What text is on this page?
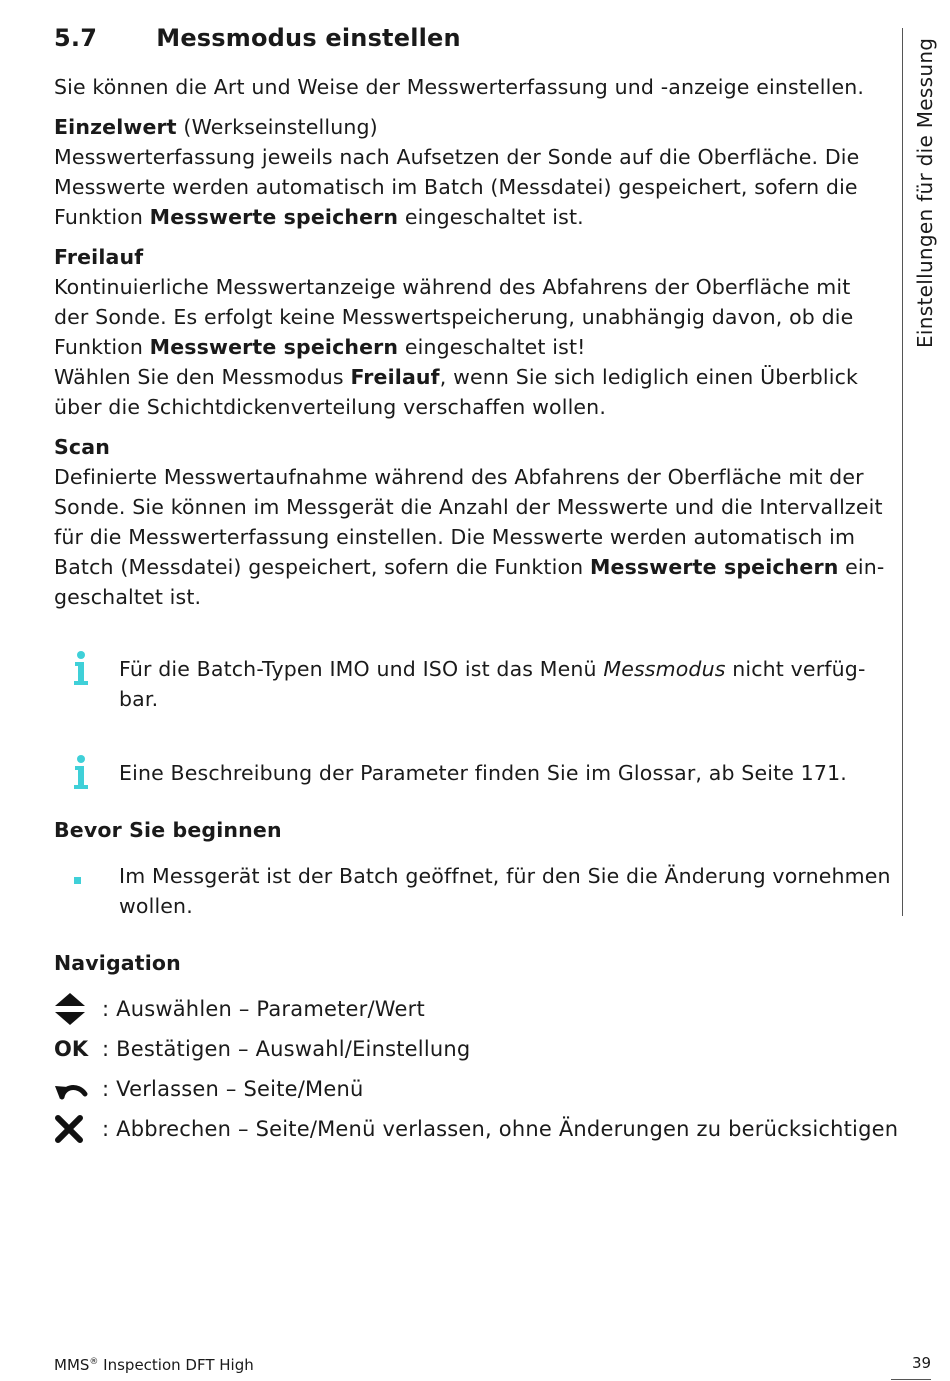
5.7 Messmodus einstellen	Einstellungen für die Messung
Sie können die Art und Weise der Messwerterfassung und -anzeige einstellen.
Einzelwert (Werkseinstellung)
Messwerterfassung jeweils nach Aufsetzen der Sonde auf die Oberfläche. Die
Messwerte werden automatisch im Batch (Messdatei) gespeichert, sofern die
Funktion Messwerte speichern eingeschaltet ist.
Freilauf
Kontinuierliche Messwertanzeige während des Abfahrens der Oberfläche mit
der Sonde. Es erfolgt keine Messwertspeicherung, unabhängig davon, ob die
Funktion Messwerte speichern eingeschaltet ist!
Wählen Sie den Messmodus Freilauf, wenn Sie sich lediglich einen Überblick
über die Schichtdickenverteilung verschaffen wollen.
Scan
Definierte Messwertaufnahme während des Abfahrens der Oberfläche mit der
Sonde. Sie können im Messgerät die Anzahl der Messwerte und die Intervallzeit
für die Messwerterfassung einstellen. Die Messwerte werden automatisch im
Batch (Messdatei) gespeichert, sofern die Funktion Messwerte speichern ein-
geschaltet ist.
Für die Batch-Typen IMO und ISO ist das Menü Messmodus nicht verfüg-
bar.
Eine Beschreibung der Parameter finden Sie im Glossar, ab Seite 171.
Bevor Sie beginnen
Im Messgerät ist der Batch geöffnet, für den Sie die Änderung vornehmen
wollen.
Navigation
: Auswählen – Parameter/Wert
OK : Bestätigen – Auswahl/Einstellung
: Verlassen – Seite/Menü
: Abbrechen – Seite/Menü verlassen, ohne Änderungen zu berücksichtigen
MMS® Inspection DFT High	39
